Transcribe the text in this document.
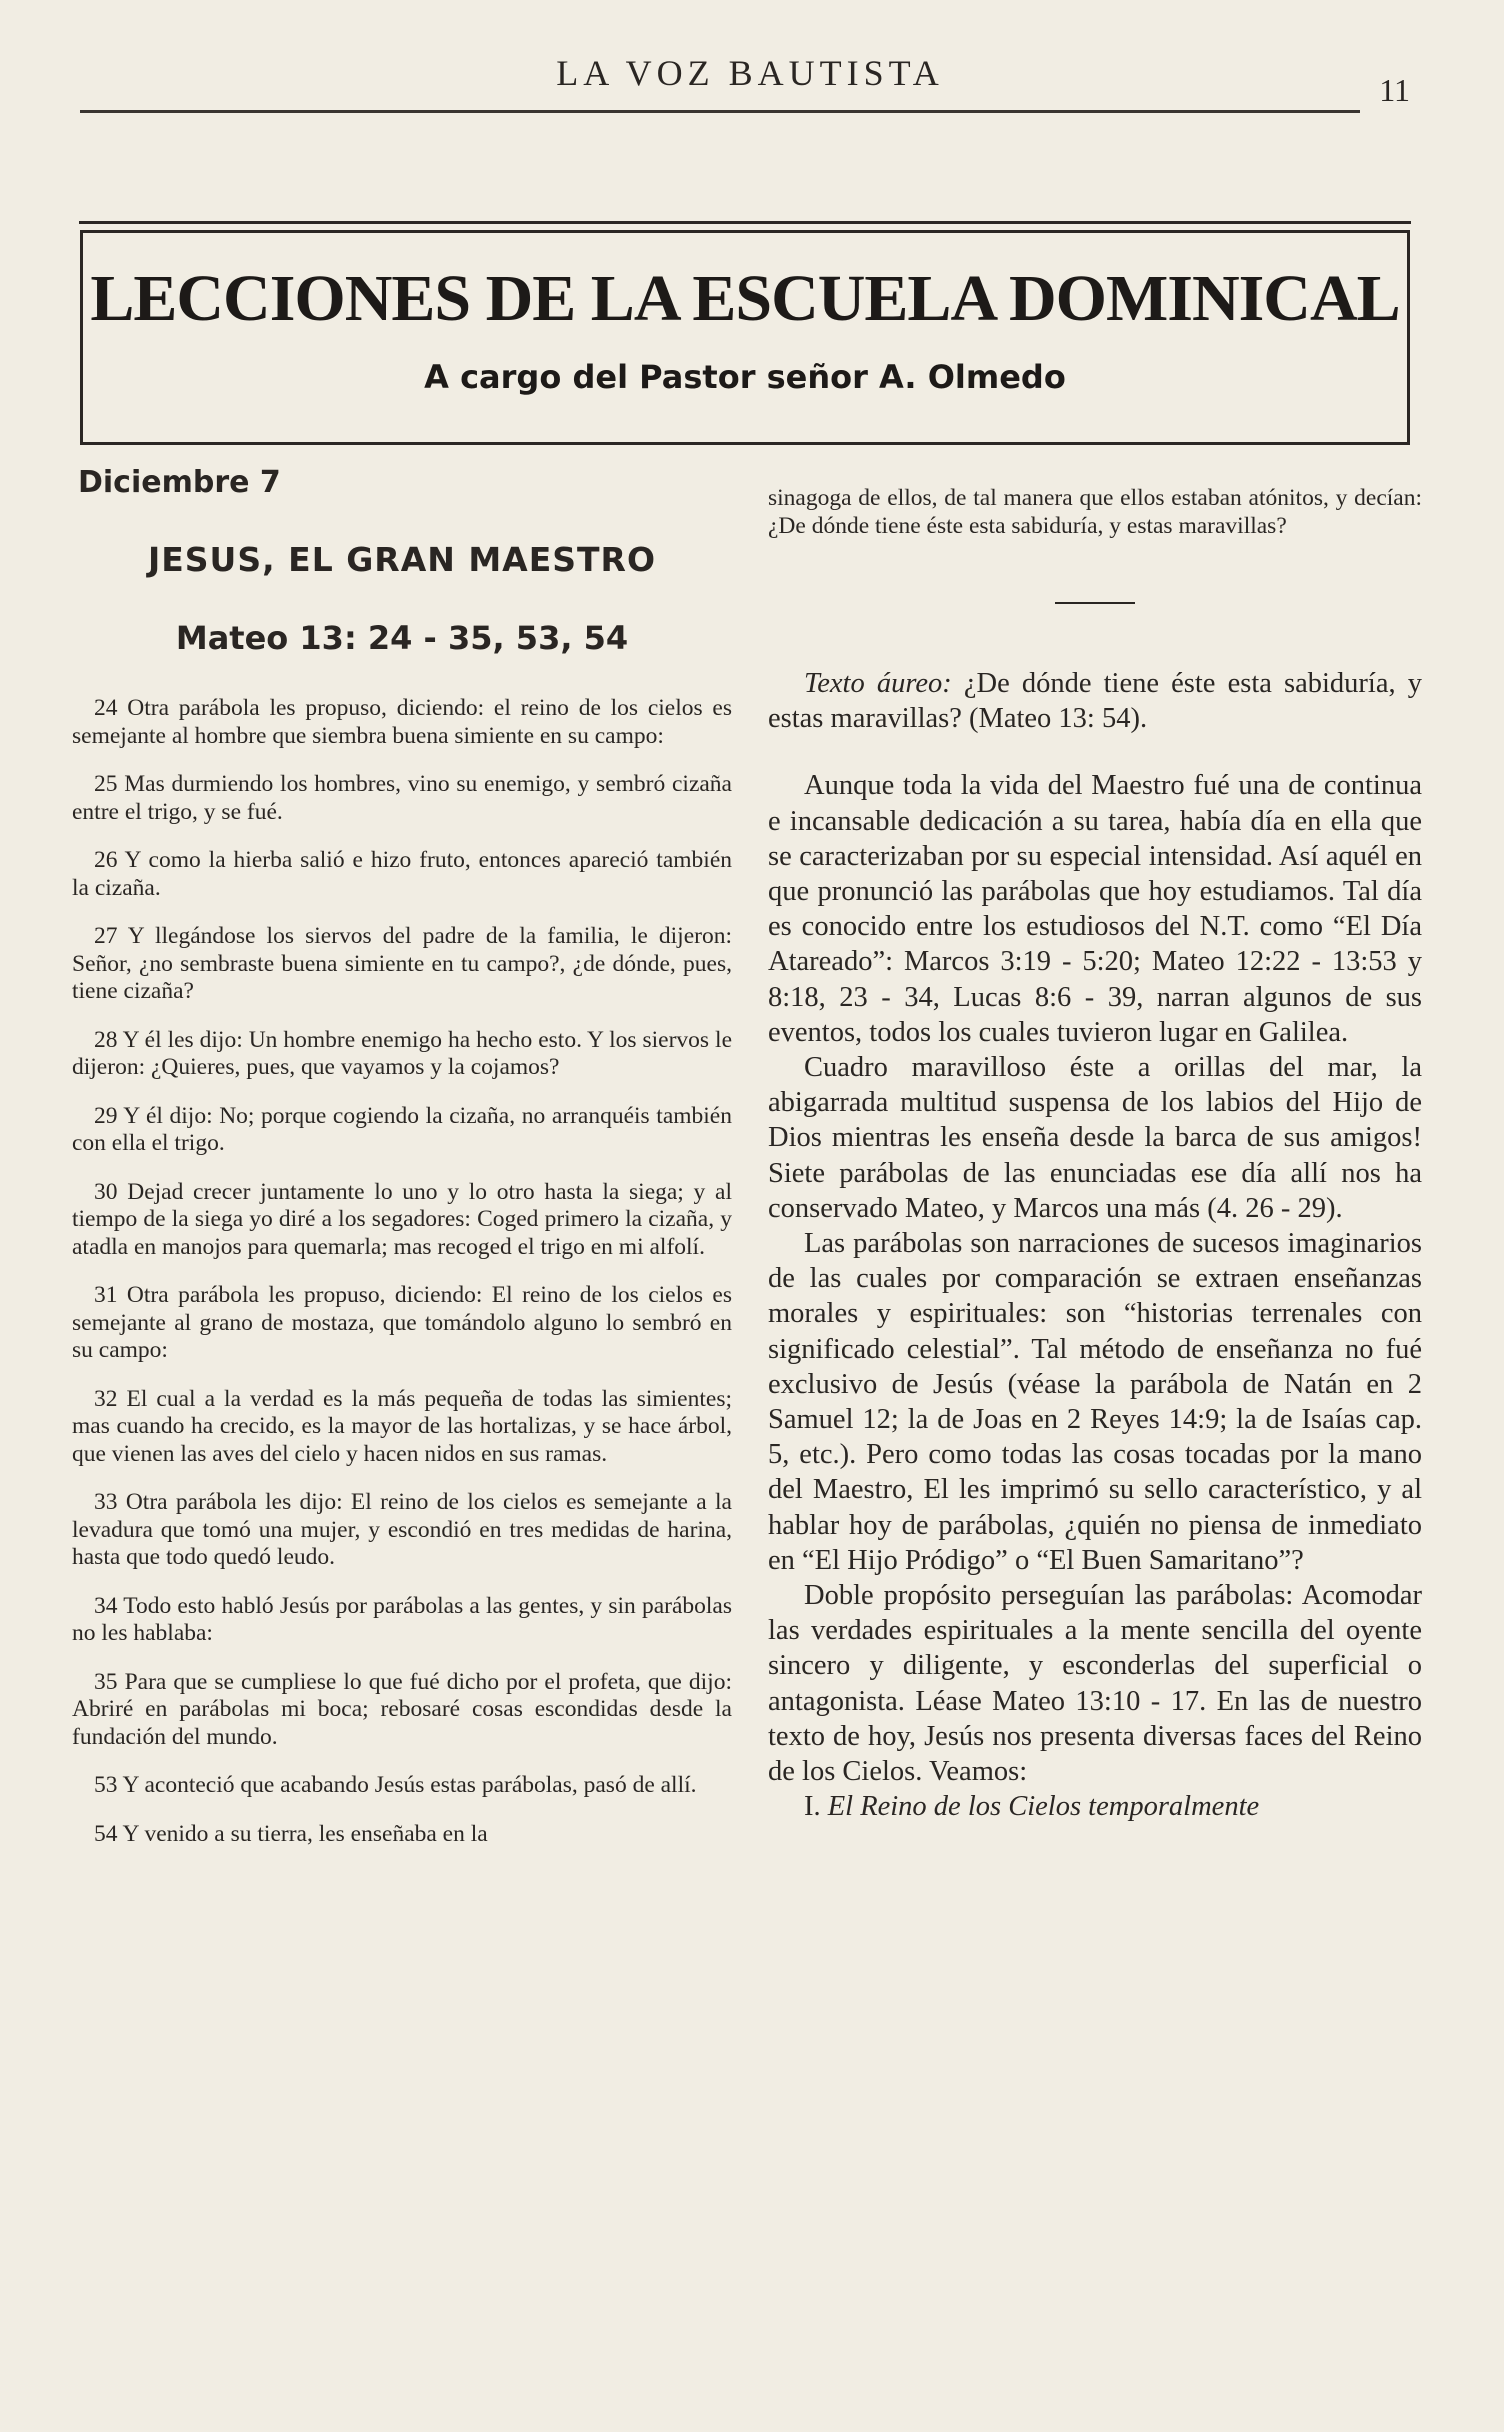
LA VOZ BAUTISTA	11
LECCIONES DE LA ESCUELA DOMINICAL
A cargo del Pastor señor A. Olmedo
Diciembre 7
JESUS, EL GRAN MAESTRO
Mateo 13: 24 - 35, 53, 54

24 Otra parábola les propuso, diciendo: el reino de los cielos es semejante al hombre que siembra buena simiente en su campo:

25 Mas durmiendo los hombres, vino su enemigo, y sembró cizaña entre el trigo, y se fué.

26 Y como la hierba salió e hizo fruto, entonces apareció también la cizaña.

27 Y llegándose los siervos del padre de la familia, le dijeron: Señor, ¿no sembraste buena simiente en tu campo?, ¿de dónde, pues, tiene cizaña?

28 Y él les dijo: Un hombre enemigo ha hecho esto. Y los siervos le dijeron: ¿Quieres, pues, que vayamos y la cojamos?

29 Y él dijo: No; porque cogiendo la cizaña, no arranquéis también con ella el trigo.

30 Dejad crecer juntamente lo uno y lo otro hasta la siega; y al tiempo de la siega yo diré a los segadores: Coged primero la cizaña, y atadla en manojos para quemarla; mas recoged el trigo en mi alfolí.

31 Otra parábola les propuso, diciendo: El reino de los cielos es semejante al grano de mostaza, que tomándolo alguno lo sembró en su campo:

32 El cual a la verdad es la más pequeña de todas las simientes; mas cuando ha crecido, es la mayor de las hortalizas, y se hace árbol, que vienen las aves del cielo y hacen nidos en sus ramas.

33 Otra parábola les dijo: El reino de los cielos es semejante a la levadura que tomó una mujer, y escondió en tres medidas de harina, hasta que todo quedó leudo.

34 Todo esto habló Jesús por parábolas a las gentes, y sin parábolas no les hablaba:

35 Para que se cumpliese lo que fué dicho por el profeta, que dijo: Abriré en parábolas mi boca; rebosaré cosas escondidas desde la fundación del mundo.

53 Y aconteció que acabando Jesús estas parábolas, pasó de allí.

54 Y venido a su tierra, les enseñaba en la

sinagoga de ellos, de tal manera que ellos estaban atónitos, y decían: ¿De dónde tiene éste esta sabiduría, y estas maravillas?

Texto áureo: ¿De dónde tiene éste esta sabiduría, y estas maravillas? (Mateo 13: 54).

Aunque toda la vida del Maestro fué una de continua e incansable dedicación a su tarea, había día en ella que se caracterizaban por su especial intensidad. Así aquél en que pronunció las parábolas que hoy estudiamos. Tal día es conocido entre los estudiosos del N.T. como “El Día Atareado”: Marcos 3:19 - 5:20; Mateo 12:22 - 13:53 y 8:18, 23 - 34, Lucas 8:6 - 39, narran algunos de sus eventos, todos los cuales tuvieron lugar en Galilea.

Cuadro maravilloso éste a orillas del mar, la abigarrada multitud suspensa de los labios del Hijo de Dios mientras les enseña desde la barca de sus amigos! Siete parábolas de las enunciadas ese día allí nos ha conservado Mateo, y Marcos una más (4. 26 - 29).

Las parábolas son narraciones de sucesos imaginarios de las cuales por comparación se extraen enseñanzas morales y espirituales: son “historias terrenales con significado celestial”. Tal método de enseñanza no fué exclusivo de Jesús (véase la parábola de Natán en 2 Samuel 12; la de Joas en 2 Reyes 14:9; la de Isaías cap. 5, etc.). Pero como todas las cosas tocadas por la mano del Maestro, El les imprimó su sello característico, y al hablar hoy de parábolas, ¿quién no piensa de inmediato en “El Hijo Pródigo” o “El Buen Samaritano”?

Doble propósito perseguían las parábolas: Acomodar las verdades espirituales a la mente sencilla del oyente sincero y diligente, y esconderlas del superficial o antagonista. Léase Mateo 13:10 - 17. En las de nuestro texto de hoy, Jesús nos presenta diversas faces del Reino de los Cielos. Veamos:

I. El Reino de los Cielos temporalmente
